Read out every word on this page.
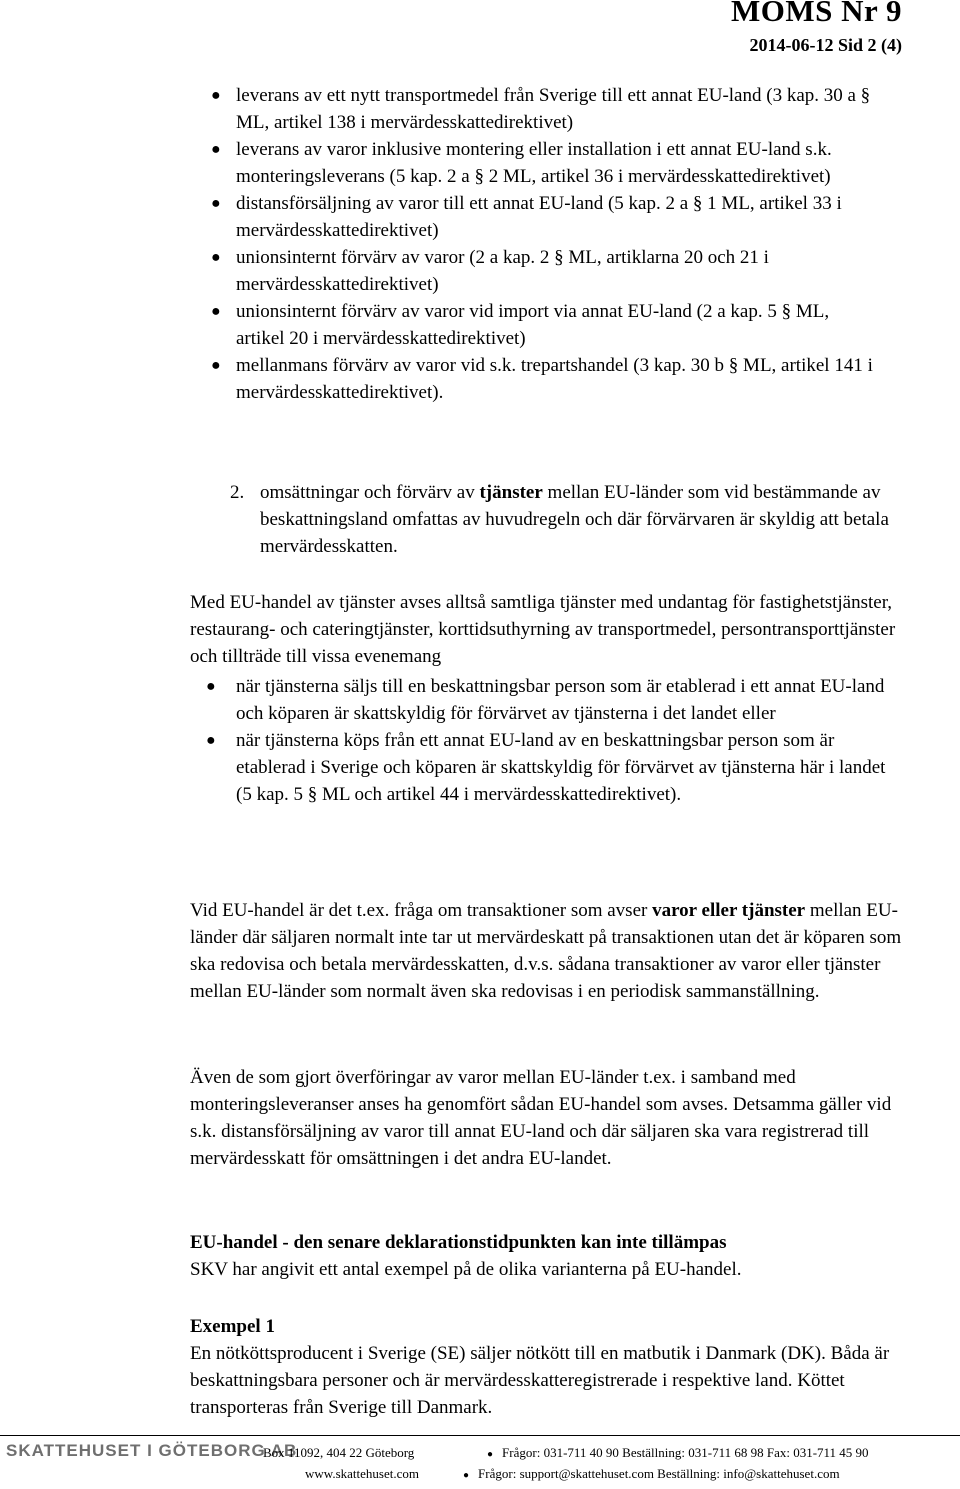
MOMS Nr 9
2014-06-12 Sid 2 (4)
● leverans av ett nytt transportmedel från Sverige till ett annat EU-land (3 kap. 30 a § ML, artikel 138 i mervärdesskattedirektivet)
● leverans av varor inklusive montering eller installation i ett annat EU-land s.k. monteringsleverans (5 kap. 2 a § 2 ML, artikel 36 i mervärdesskattedirektivet)
● distansförsäljning av varor till ett annat EU-land (5 kap. 2 a § 1 ML, artikel 33 i mervärdesskattedirektivet)
● unionsinternt förvärv av varor (2 a kap. 2 § ML, artiklarna 20 och 21 i mervärdesskattedirektivet)
● unionsinternt förvärv av varor vid import via annat EU-land (2 a kap. 5 § ML, artikel 20 i mervärdesskattedirektivet)
● mellanmans förvärv av varor vid s.k. trepartshandel (3 kap. 30 b § ML, artikel 141 i mervärdesskattedirektivet).
2. omsättningar och förvärv av tjänster mellan EU-länder som vid bestämmande av beskattningsland omfattas av huvudregeln och där förvärvaren är skyldig att betala mervärdesskatten.

Med EU-handel av tjänster avses alltså samtliga tjänster med undantag för fastighetstjänster, restaurang- och cateringtjänster, korttidsuthyrning av transportmedel, persontransporttjänster och tillträde till vissa evenemang

● när tjänsterna säljs till en beskattningsbar person som är etablerad i ett annat EU-land och köparen är skattskyldig för förvärvet av tjänsterna i det landet eller
● när tjänsterna köps från ett annat EU-land av en beskattningsbar person som är etablerad i Sverige och köparen är skattskyldig för förvärvet av tjänsterna här i landet (5 kap. 5 § ML och artikel 44 i mervärdesskattedirektivet).

Vid EU-handel är det t.ex. fråga om transaktioner som avser varor eller tjänster mellan EU-länder där säljaren normalt inte tar ut mervärdeskatt på transaktionen utan det är köparen som ska redovisa och betala mervärdesskatten, d.v.s. sådana transaktioner av varor eller tjänster mellan EU-länder som normalt även ska redovisas i en periodisk sammanställning.

Även de som gjort överföringar av varor mellan EU-länder t.ex. i samband med monteringsleveranser anses ha genomfört sådan EU-handel som avses. Detsamma gäller vid s.k. distansförsäljning av varor till annat EU-land och där säljaren ska vara registrerad till mervärdesskatt för omsättningen i det andra EU-landet.

EU-handel - den senare deklarationstidpunkten kan inte tillämpas
SKV har angivit ett antal exempel på de olika varianterna på EU-handel.

Exempel 1
En nötköttsproducent i Sverige (SE) säljer nötkött till en matbutik i Danmark (DK). Båda är beskattningsbara personer och är mervärdesskatteregistrerade i respektive land. Köttet transporteras från Sverige till Danmark.

SKATTEHUSET I GÖTEBORG AB
Box 11092, 404 22 Göteborg
www.skattehuset.com
● Frågor: 031-711 40 90 Beställning: 031-711 68 98 Fax: 031-711 45 90
● Frågor: support@skattehuset.com Beställning: info@skattehuset.com
